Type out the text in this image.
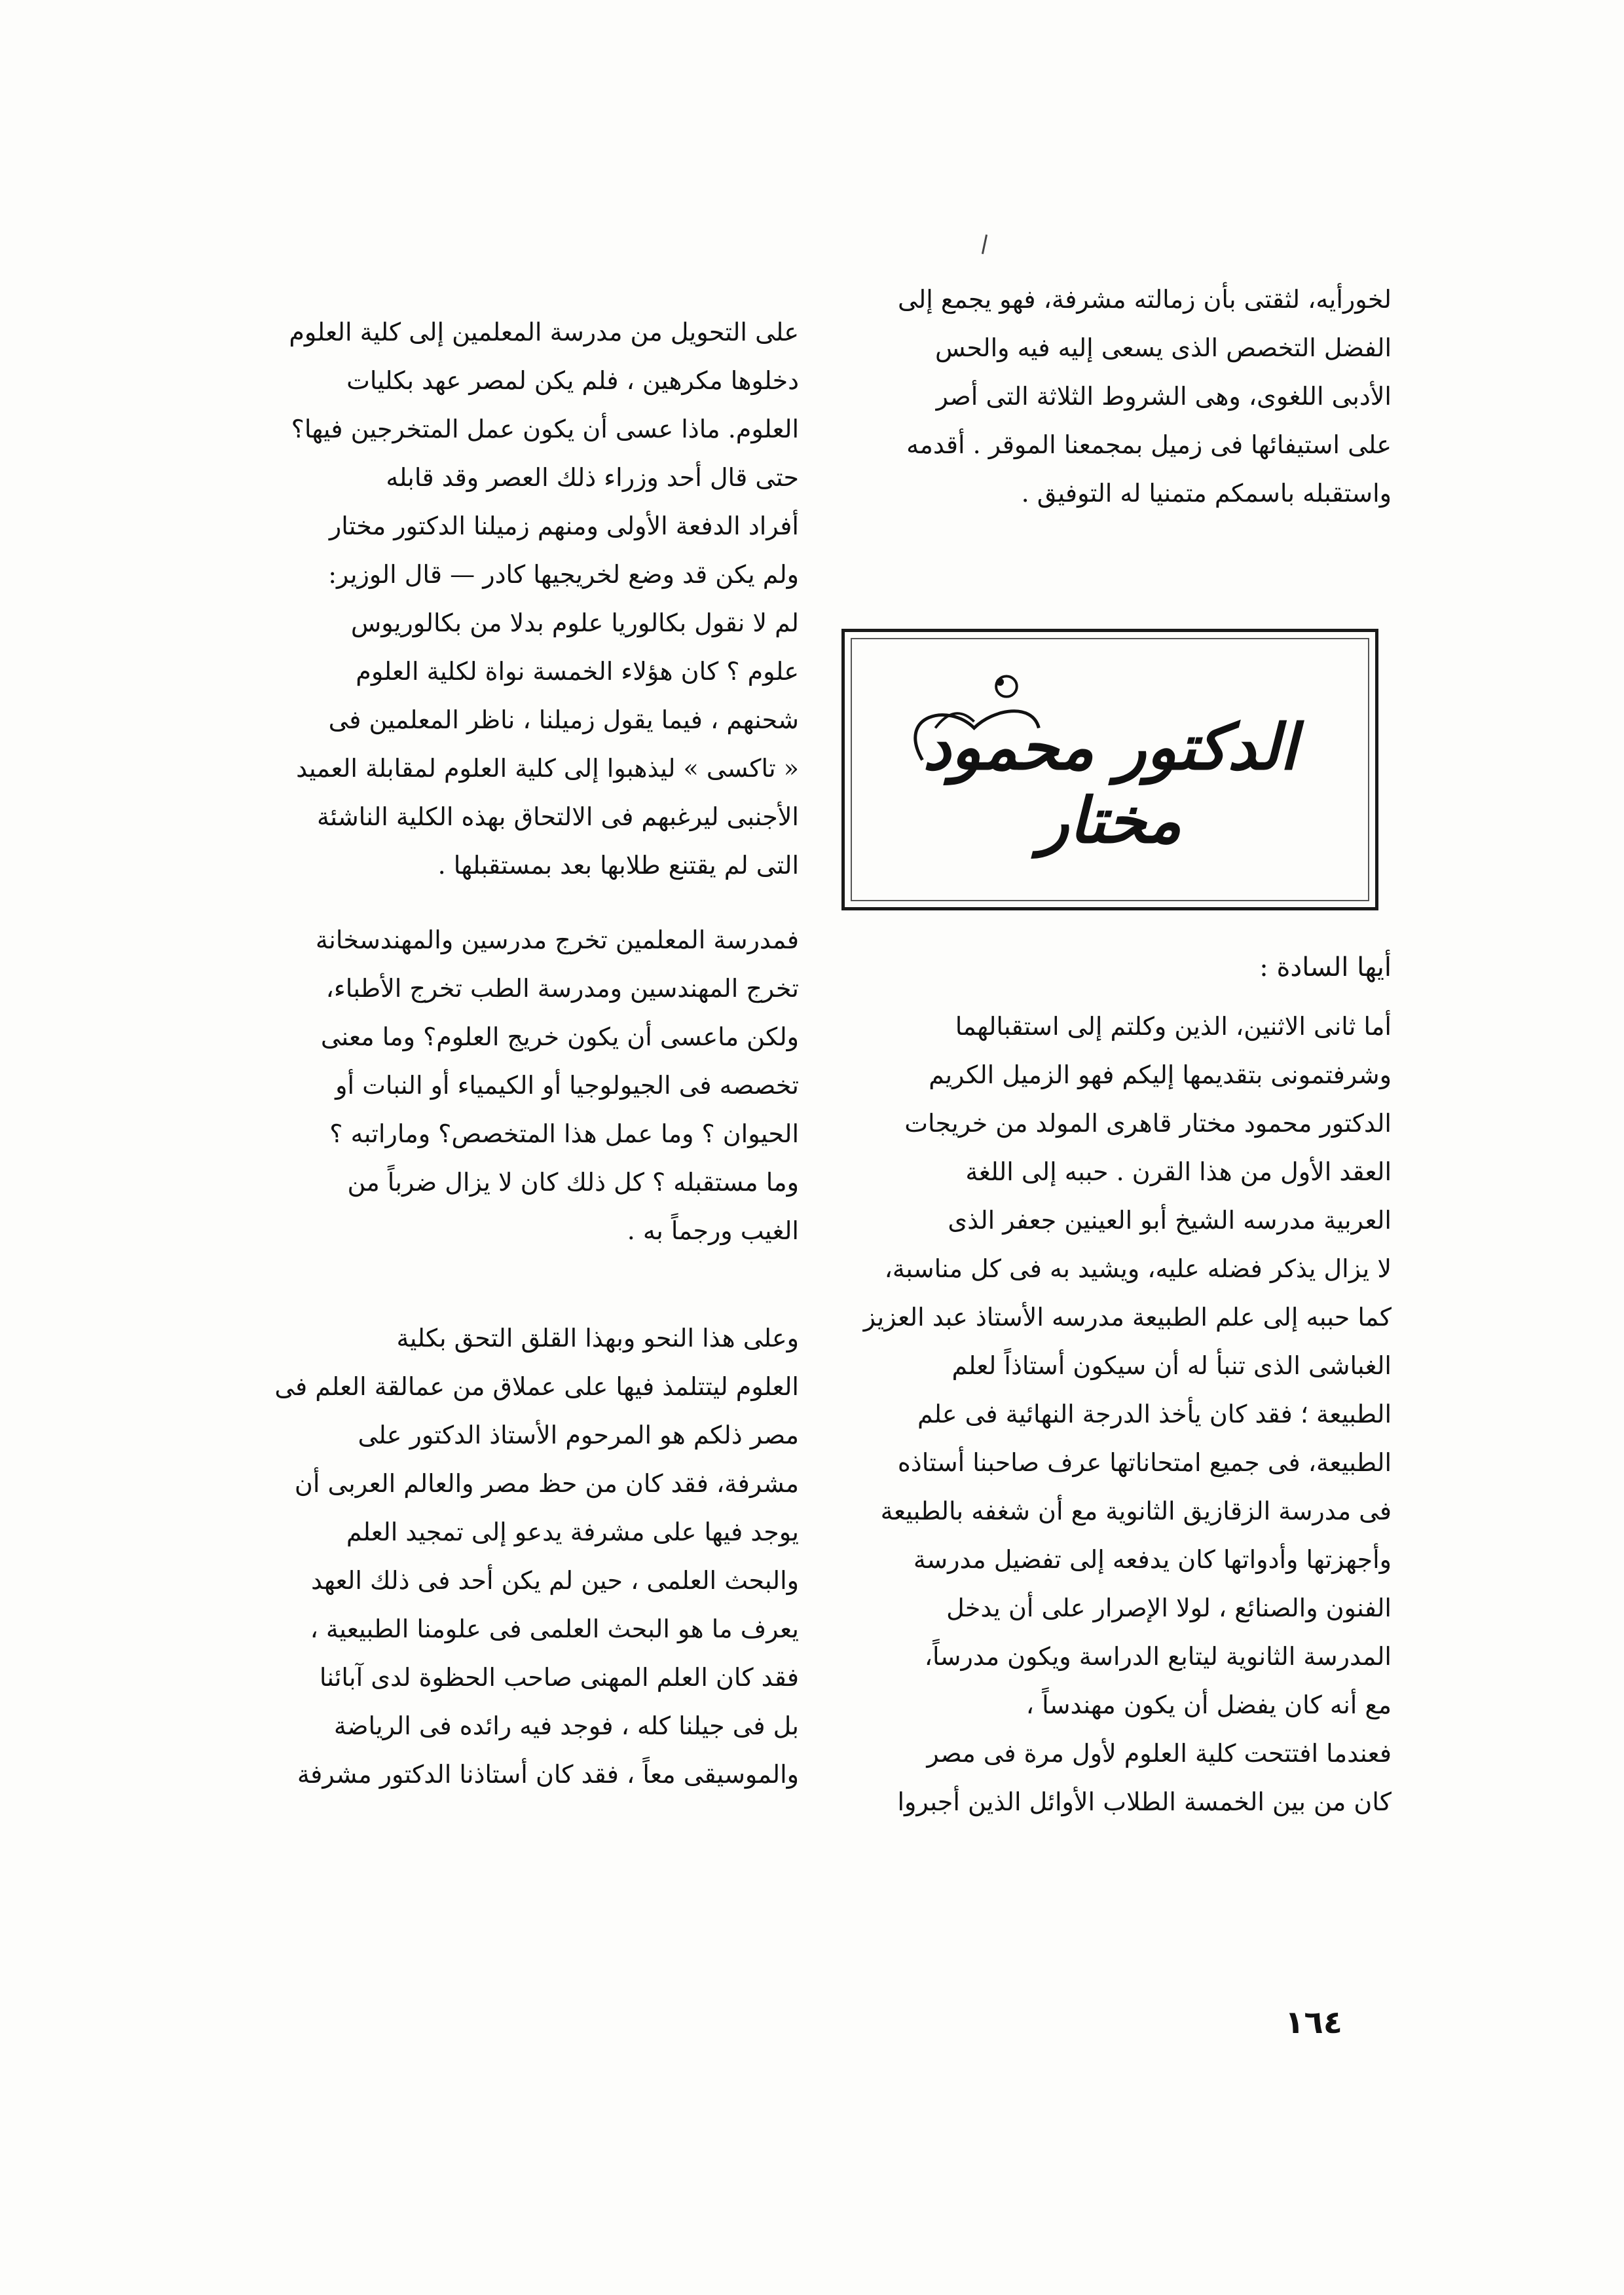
لخورأيه، لثقتى بأن زمالته مشرفة، فهو يجمع إلى

الفضل التخصص الذى يسعى إليه فيه والحس

الأدبى اللغوى، وهى الشروط الثلاثة التى أصر

على استيفائها فى زميل بمجمعنا الموقر . أقدمه

واستقبله باسمكم متمنيا له التوفيق .

الدكتور محمود مختار
أيها السادة :

أما ثانى الاثنين، الذين وكلتم إلى استقبالهما

وشرفتمونى بتقديمها إليكم فهو الزميل الكريم

الدكتور محمود مختار قاهرى المولد من خريجات

العقد الأول من هذا القرن . حببه إلى اللغة

العربية مدرسه الشيخ أبو العينين جعفر الذى

لا يزال يذكر فضله عليه، ويشيد به فى كل مناسبة،

كما حببه إلى علم الطبيعة مدرسه الأستاذ عبد العزيز

الغباشى الذى تنبأ له أن سيكون أستاذاً لعلم

الطبيعة ؛ فقد كان يأخذ الدرجة النهائية فى علم

الطبيعة، فى جميع امتحاناتها عرف صاحبنا أستاذه

فى مدرسة الزقازيق الثانوية مع أن شغفه بالطبيعة

وأجهزتها وأدواتها كان يدفعه إلى تفضيل مدرسة

الفنون والصنائع ، لولا الإصرار على أن يدخل

المدرسة الثانوية ليتابع الدراسة ويكون مدرساً،

مع أنه كان يفضل أن يكون مهندساً ،

فعندما افتتحت كلية العلوم لأول مرة فى مصر

كان من بين الخمسة الطلاب الأوائل الذين أجبروا

على التحويل من مدرسة المعلمين إلى كلية العلوم

دخلوها مكرهين ، فلم يكن لمصر عهد بكليات

العلوم. ماذا عسى أن يكون عمل المتخرجين فيها؟

حتى قال أحد وزراء ذلك العصر وقد قابله

أفراد الدفعة الأولى ومنهم زميلنا الدكتور مختار

ولم يكن قد وضع لخريجيها كادر — قال الوزير:

لم لا نقول بكالوريا علوم بدلا من بكالوريوس

علوم ؟ كان هؤلاء الخمسة نواة لكلية العلوم

شحنهم ، فيما يقول زميلنا ، ناظر المعلمين فى

« تاكسى » ليذهبوا إلى كلية العلوم لمقابلة العميد

الأجنبى ليرغبهم فى الالتحاق بهذه الكلية الناشئة

التى لم يقتنع طلابها بعد بمستقبلها .

فمدرسة المعلمين تخرج مدرسين والمهندسخانة

تخرج المهندسين ومدرسة الطب تخرج الأطباء،

ولكن ماعسى أن يكون خريج العلوم؟ وما معنى

تخصصه فى الجيولوجيا أو الكيمياء أو النبات أو

الحيوان ؟ وما عمل هذا المتخصص؟ وماراتبه ؟

وما مستقبله ؟ كل ذلك كان لا يزال ضرباً من

الغيب ورجماً به .

وعلى هذا النحو وبهذا القلق التحق بكلية

العلوم ليتتلمذ فيها على عملاق من عمالقة العلم فى

مصر ذلكم هو المرحوم الأستاذ الدكتور على

مشرفة، فقد كان من حظ مصر والعالم العربى أن

يوجد فيها على مشرفة يدعو إلى تمجيد العلم

والبحث العلمى ، حين لم يكن أحد فى ذلك العهد

يعرف ما هو البحث العلمى فى علومنا الطبيعية ،

فقد كان العلم المهنى صاحب الحظوة لدى آبائنا

بل فى جيلنا كله ، فوجد فيه رائده فى الرياضة

والموسيقى معاً ، فقد كان أستاذنا الدكتور مشرفة

١٦٤
